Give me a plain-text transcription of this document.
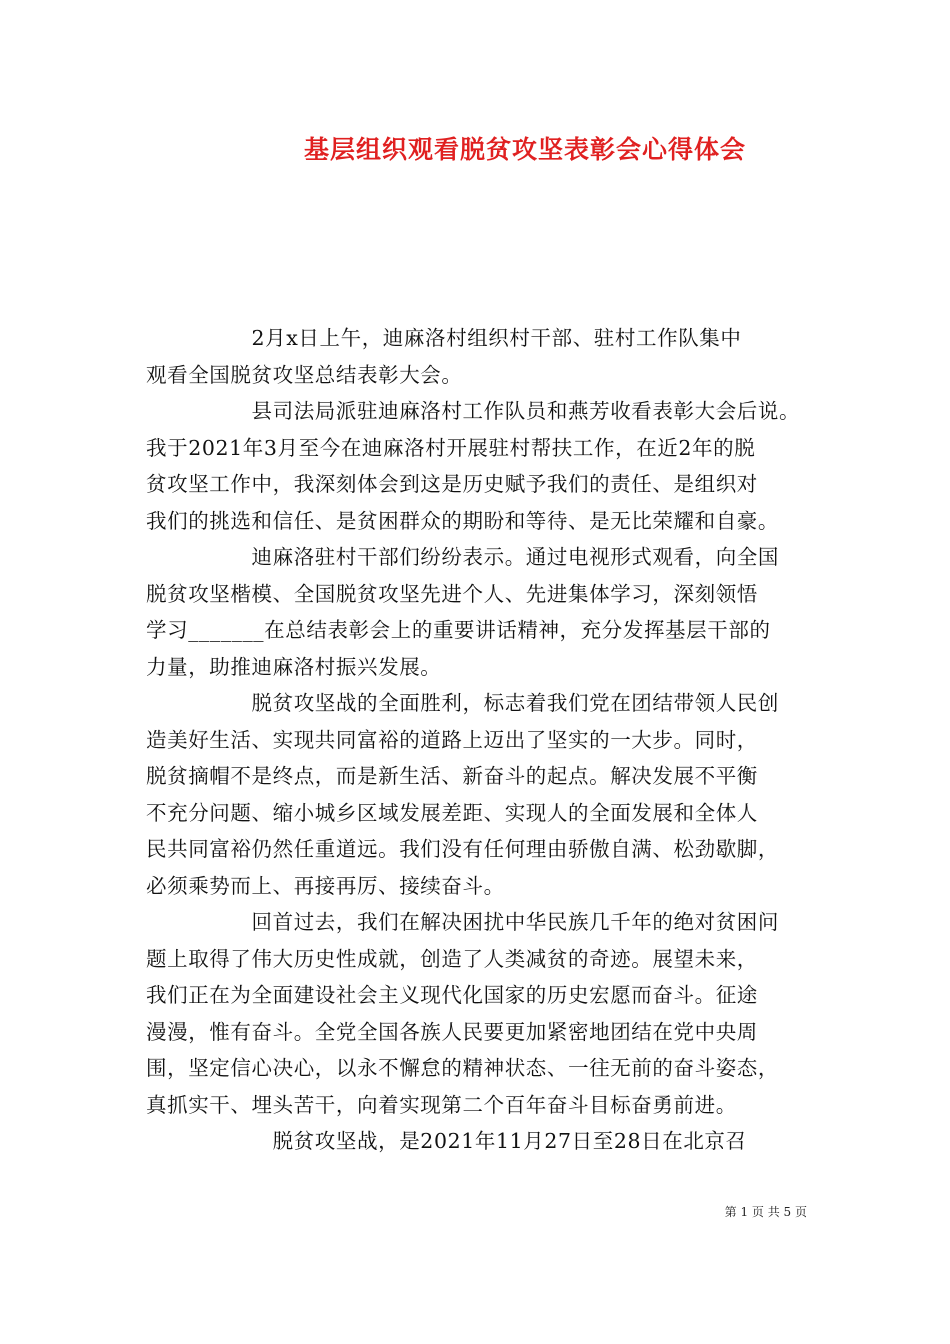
基层组织观看脱贫攻坚表彰会心得体会
　　　　　2月x日上午，迪麻洛村组织村干部、驻村工作队集中
观看全国脱贫攻坚总结表彰大会。
　　　　　县司法局派驻迪麻洛村工作队员和燕芳收看表彰大会后说。
我于2021年3月至今在迪麻洛村开展驻村帮扶工作，在近2年的脱
贫攻坚工作中，我深刻体会到这是历史赋予我们的责任、是组织对
我们的挑选和信任、是贫困群众的期盼和等待、是无比荣耀和自豪。
　　　　　迪麻洛驻村干部们纷纷表示。通过电视形式观看，向全国
脱贫攻坚楷模、全国脱贫攻坚先进个人、先进集体学习，深刻领悟
学习_______在总结表彰会上的重要讲话精神，充分发挥基层干部的
力量，助推迪麻洛村振兴发展。
　　　　　脱贫攻坚战的全面胜利，标志着我们党在团结带领人民创
造美好生活、实现共同富裕的道路上迈出了坚实的一大步。同时，
脱贫摘帽不是终点，而是新生活、新奋斗的起点。解决发展不平衡
不充分问题、缩小城乡区域发展差距、实现人的全面发展和全体人
民共同富裕仍然任重道远。我们没有任何理由骄傲自满、松劲歇脚，
必须乘势而上、再接再厉、接续奋斗。
　　　　　回首过去，我们在解决困扰中华民族几千年的绝对贫困问
题上取得了伟大历史性成就，创造了人类减贫的奇迹。展望未来，
我们正在为全面建设社会主义现代化国家的历史宏愿而奋斗。征途
漫漫，惟有奋斗。全党全国各族人民要更加紧密地团结在党中央周
围，坚定信心决心，以永不懈怠的精神状态、一往无前的奋斗姿态，
真抓实干、埋头苦干，向着实现第二个百年奋斗目标奋勇前进。
　　　　　　脱贫攻坚战，是2021年11月27日至28日在北京召
第 1 页 共 5 页
